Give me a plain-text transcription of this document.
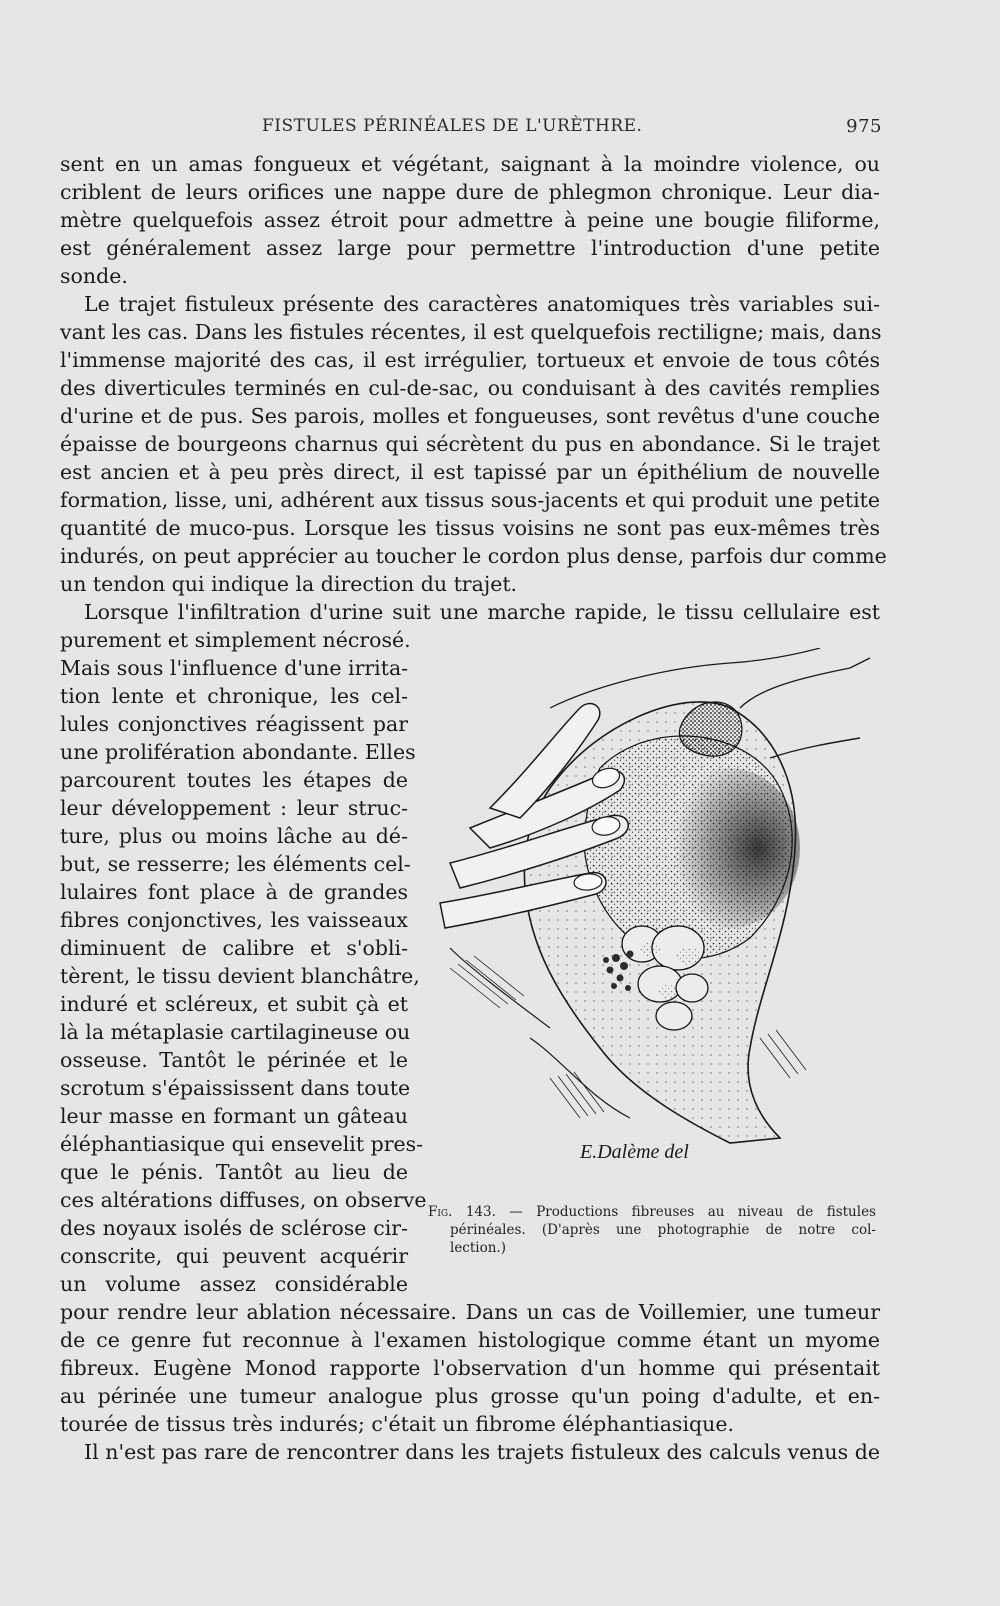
FISTULES PÉRINÉALES DE L'URÈTHRE.	975
sent en un amas fongueux et végétant, saignant à la moindre violence, ou
criblent de leurs orifices une nappe dure de phlegmon chronique. Leur dia-
mètre quelquefois assez étroit pour admettre à peine une bougie filiforme,
est généralement assez large pour permettre l'introduction d'une petite
sonde.
Le trajet fistuleux présente des caractères anatomiques très variables sui-
vant les cas. Dans les fistules récentes, il est quelquefois rectiligne; mais, dans
l'immense majorité des cas, il est irrégulier, tortueux et envoie de tous côtés
des diverticules terminés en cul-de-sac, ou conduisant à des cavités remplies
d'urine et de pus. Ses parois, molles et fongueuses, sont revêtus d'une couche
épaisse de bourgeons charnus qui sécrètent du pus en abondance. Si le trajet
est ancien et à peu près direct, il est tapissé par un épithélium de nouvelle
formation, lisse, uni, adhérent aux tissus sous-jacents et qui produit une petite
quantité de muco-pus. Lorsque les tissus voisins ne sont pas eux-mêmes très
indurés, on peut apprécier au toucher le cordon plus dense, parfois dur comme
un tendon qui indique la direction du trajet.
Lorsque l'infiltration d'urine suit une marche rapide, le tissu cellulaire est
purement et simplement nécrosé.
Mais sous l'influence d'une irrita-
tion lente et chronique, les cel-
lules conjonctives réagissent par
une prolifération abondante. Elles
parcourent toutes les étapes de
leur développement : leur struc-
ture, plus ou moins lâche au dé-
but, se resserre; les éléments cel-
lulaires font place à de grandes
fibres conjonctives, les vaisseaux
diminuent de calibre et s'obli-
tèrent, le tissu devient blanchâtre,
induré et scléreux, et subit çà et
là la métaplasie cartilagineuse ou
osseuse. Tantôt le périnée et le
scrotum s'épaississent dans toute
leur masse en formant un gâteau
éléphantiasique qui ensevelit pres-
que le pénis. Tantôt au lieu de
ces altérations diffuses, on observe
des noyaux isolés de sclérose cir-
conscrite, qui peuvent acquérir
un volume assez considérable
pour rendre leur ablation nécessaire. Dans un cas de Voillemier, une tumeur
de ce genre fut reconnue à l'examen histologique comme étant un myome
fibreux. Eugène Monod rapporte l'observation d'un homme qui présentait
au périnée une tumeur analogue plus grosse qu'un poing d'adulte, et en-
tourée de tissus très indurés; c'était un fibrome éléphantiasique.
Il n'est pas rare de rencontrer dans les trajets fistuleux des calculs venus de
E.Dalème del
Fig. 143. — Productions fibreuses au niveau de fistules
périnéales. (D'après une photographie de notre col-
lection.)
